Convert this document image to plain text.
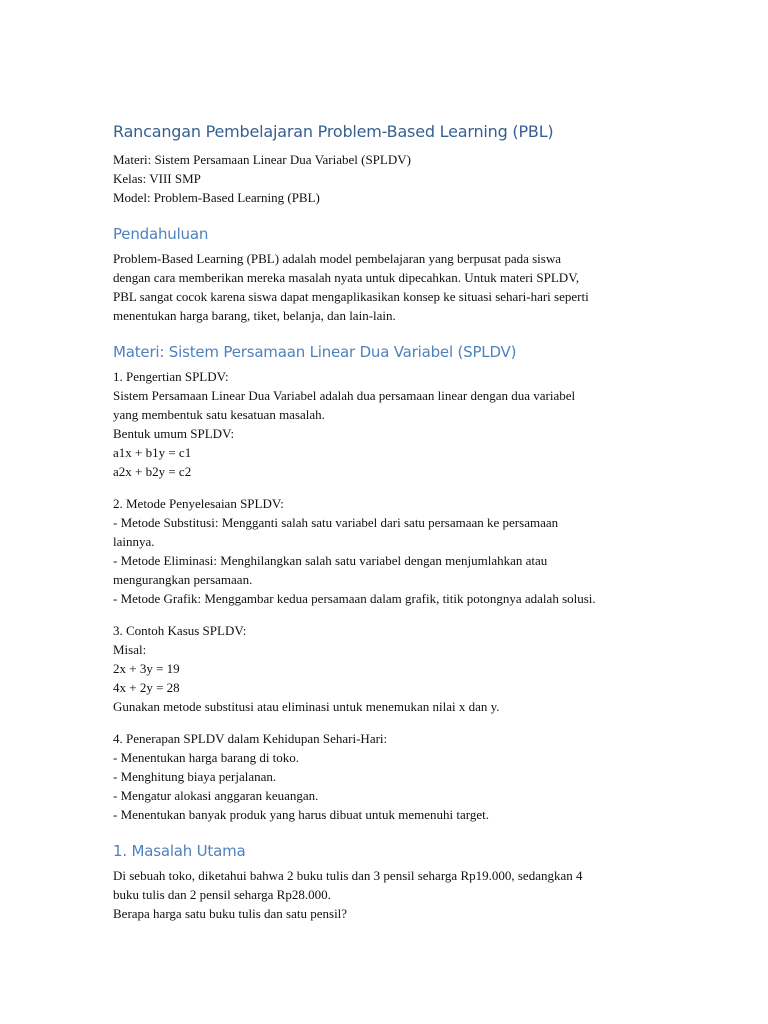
Rancangan Pembelajaran Problem-Based Learning (PBL)
Materi: Sistem Persamaan Linear Dua Variabel (SPLDV)
Kelas: VIII SMP
Model: Problem-Based Learning (PBL)
Pendahuluan
Problem-Based Learning (PBL) adalah model pembelajaran yang berpusat pada siswa
dengan cara memberikan mereka masalah nyata untuk dipecahkan. Untuk materi SPLDV,
PBL sangat cocok karena siswa dapat mengaplikasikan konsep ke situasi sehari-hari seperti
menentukan harga barang, tiket, belanja, dan lain-lain.
Materi: Sistem Persamaan Linear Dua Variabel (SPLDV)
1. Pengertian SPLDV:
Sistem Persamaan Linear Dua Variabel adalah dua persamaan linear dengan dua variabel
yang membentuk satu kesatuan masalah.
Bentuk umum SPLDV:
a1x + b1y = c1
a2x + b2y = c2
2. Metode Penyelesaian SPLDV:
- Metode Substitusi: Mengganti salah satu variabel dari satu persamaan ke persamaan
lainnya.
- Metode Eliminasi: Menghilangkan salah satu variabel dengan menjumlahkan atau
mengurangkan persamaan.
- Metode Grafik: Menggambar kedua persamaan dalam grafik, titik potongnya adalah solusi.
3. Contoh Kasus SPLDV:
Misal:
2x + 3y = 19
4x + 2y = 28
Gunakan metode substitusi atau eliminasi untuk menemukan nilai x dan y.
4. Penerapan SPLDV dalam Kehidupan Sehari-Hari:
- Menentukan harga barang di toko.
- Menghitung biaya perjalanan.
- Mengatur alokasi anggaran keuangan.
- Menentukan banyak produk yang harus dibuat untuk memenuhi target.
1. Masalah Utama
Di sebuah toko, diketahui bahwa 2 buku tulis dan 3 pensil seharga Rp19.000, sedangkan 4
buku tulis dan 2 pensil seharga Rp28.000.
Berapa harga satu buku tulis dan satu pensil?
